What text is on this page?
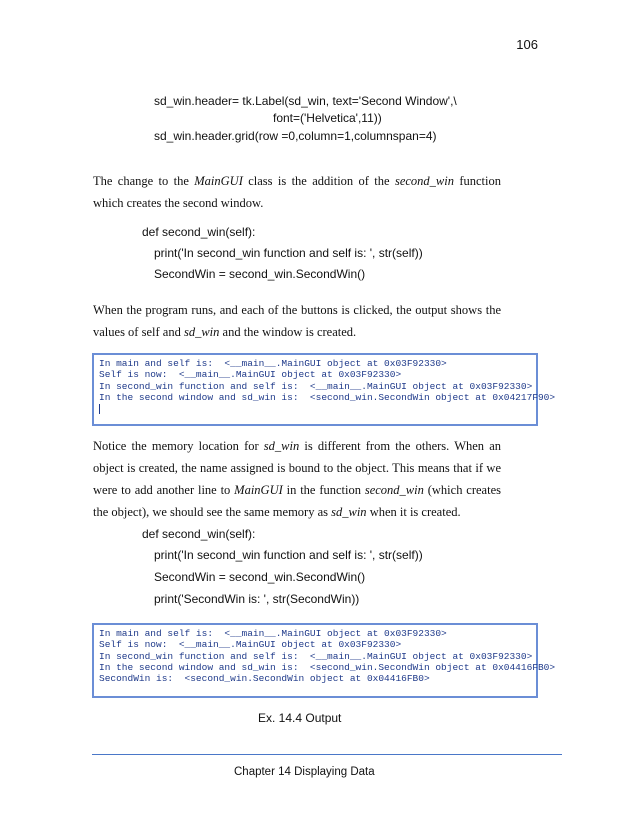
106
sd_win.header= tk.Label(sd_win, text='Second Window',\
font=('Helvetica',11))
sd_win.header.grid(row =0,column=1,columnspan=4)

The change to the MainGUI class is the addition of the second_win function which creates the second window.

def second_win(self):
print('In second_win function and self is: ', str(self))
SecondWin = second_win.SecondWin()

When the program runs, and each of the buttons is clicked, the output shows the values of self and sd_win and the window is created.

In main and self is:  <__main__.MainGUI object at 0x03F92330>
Self is now:  <__main__.MainGUI object at 0x03F92330>
In second_win function and self is:  <__main__.MainGUI object at 0x03F92330>
In the second window and sd_win is:  <second_win.SecondWin object at 0x04217F90>

Notice the memory location for sd_win is different from the others. When an object is created, the name assigned is bound to the object. This means that if we were to add another line to MainGUI in the function second_win (which creates the object), we should see the same memory as sd_win when it is created.

def second_win(self):
print('In second_win function and self is: ', str(self))
SecondWin = second_win.SecondWin()
print('SecondWin is: ', str(SecondWin))
In main and self is:  <__main__.MainGUI object at 0x03F92330>
Self is now:  <__main__.MainGUI object at 0x03F92330>
In second_win function and self is:  <__main__.MainGUI object at 0x03F92330>
In the second window and sd_win is:  <second_win.SecondWin object at 0x04416FB0>
SecondWin is:  <second_win.SecondWin object at 0x04416FB0>
Ex. 14.4 Output
Chapter 14 Displaying Data
